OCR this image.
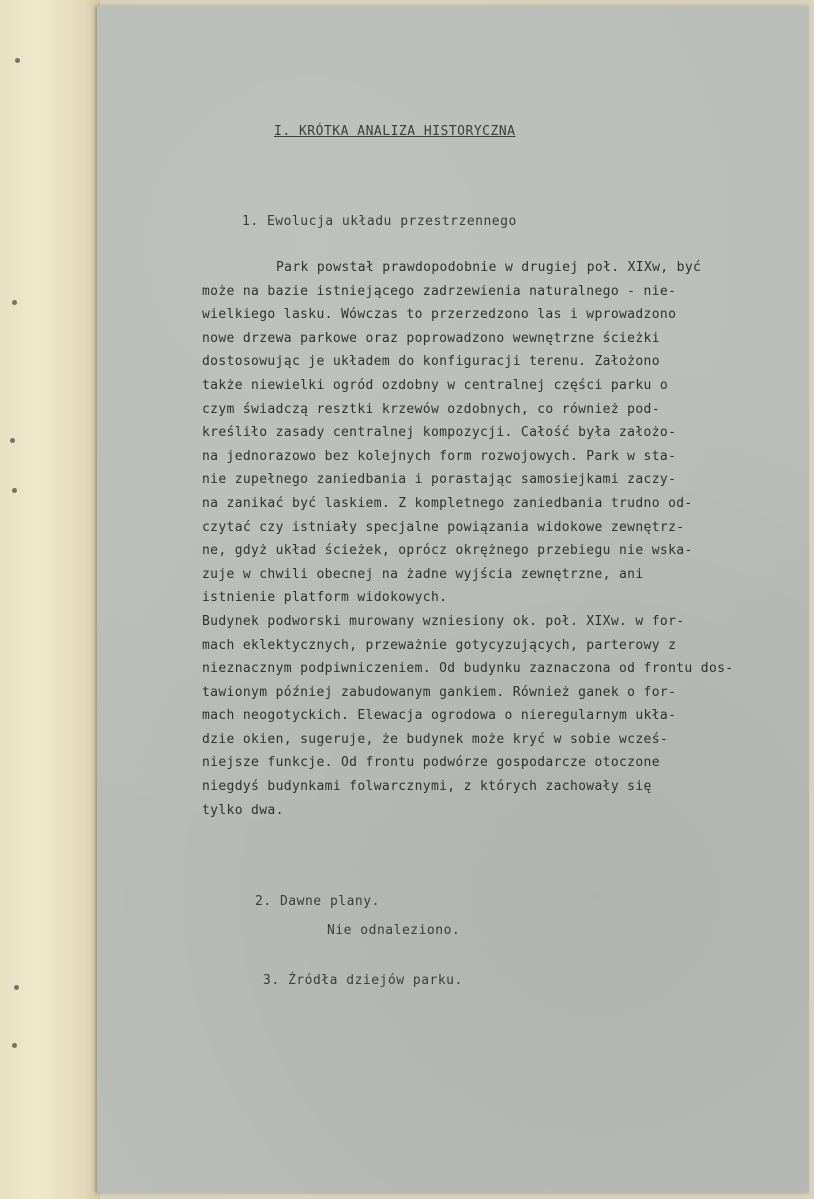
I. KRÓTKA ANALIZA HISTORYCZNA
1. Ewolucja układu przestrzennego
Park powstał prawdopodobnie w drugiej poł. XIXw, być
może na bazie istniejącego zadrzewienia naturalnego - nie-
wielkiego lasku. Wówczas to przerzedzono las i wprowadzono
nowe drzewa parkowe oraz poprowadzono wewnętrzne ścieżki
dostosowując je układem do konfiguracji terenu. Założono
także niewielki ogród ozdobny w centralnej części parku o
czym świadczą resztki krzewów ozdobnych, co również pod-
kreśliło zasady centralnej kompozycji. Całość była założo-
na jednorazowo bez kolejnych form rozwojowych. Park w sta-
nie zupełnego zaniedbania i porastając samosiejkami zaczy-
na zanikać być laskiem. Z kompletnego zaniedbania trudno od-
czytać czy istniały specjalne powiązania widokowe zewnętrz-
ne, gdyż układ ścieżek, oprócz okrężnego przebiegu nie wska-
zuje w chwili obecnej na żadne wyjścia zewnętrzne, ani
istnienie platform widokowych.
Budynek podworski murowany wzniesiony ok. poł. XIXw. w for-
mach eklektycznych, przeważnie gotycyzujących, parterowy z
nieznacznym podpiwniczeniem. Od budynku zaznaczona od frontu dos-
tawionym później zabudowanym gankiem. Również ganek o for-
mach neogotyckich. Elewacja ogrodowa o nieregularnym ukła-
dzie okien, sugeruje, że budynek może kryć w sobie wcześ-
niejsze funkcje. Od frontu podwórze gospodarcze otoczone
niegdyś budynkami folwarcznymi, z których zachowały się
tylko dwa.
2. Dawne plany.
Nie odnaleziono.
3. Źródła dziejów parku.
